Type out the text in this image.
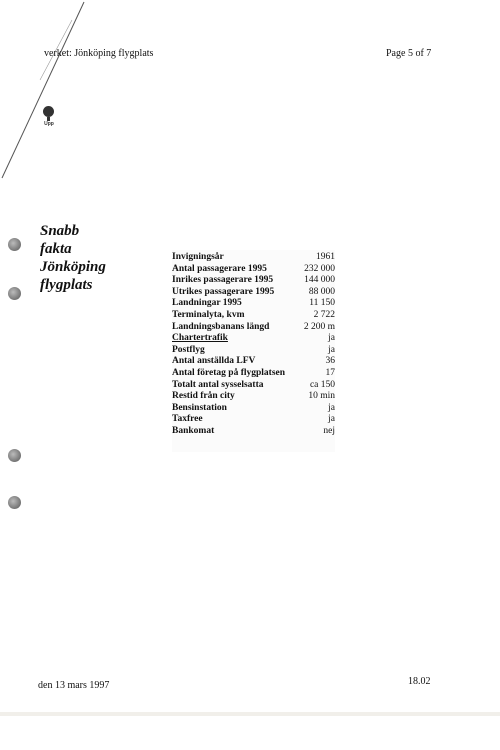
verket: Jönköping flygplats	Page 5 of 7
Upp
Snabb
fakta
Jönköping
flygplats
Invigningsår	1961
Antal passagerare 1995	232 000
Inrikes passagerare 1995	144 000
Utrikes passagerare 1995	88 000
Landningar 1995	11 150
Terminalyta, kvm	2 722
Landningsbanans längd	2 200 m
Chartertrafik	ja
Postflyg	ja
Antal anställda LFV	36
Antal företag på flygplatsen	17
Totalt antal sysselsatta	ca 150
Restid från city	10 min
Bensinstation	ja
Taxfree	ja
Bankomat	nej
den 13 mars 1997	18.02
